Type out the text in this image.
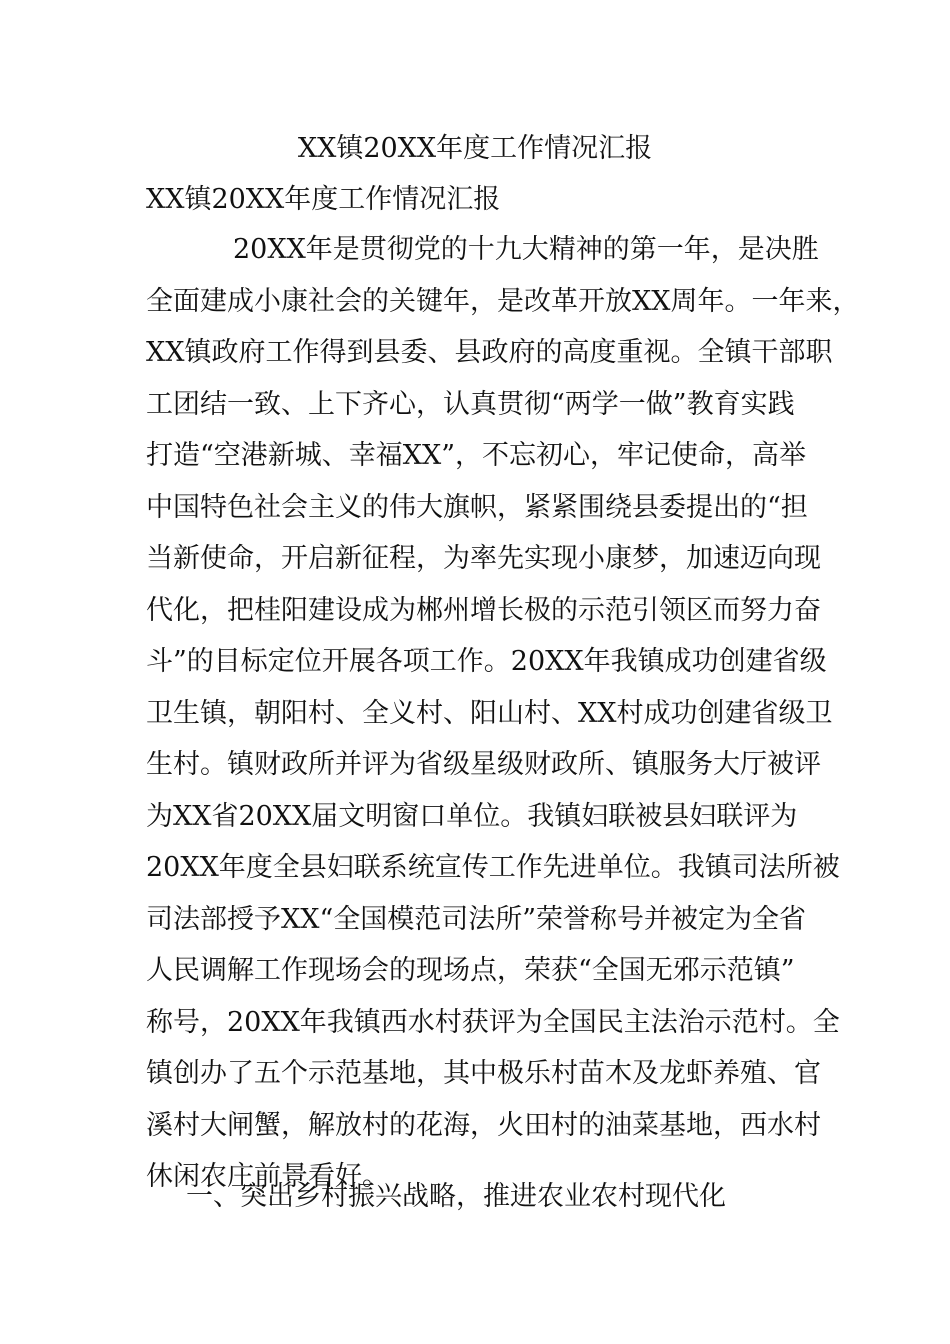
XX镇20XX年度工作情况汇报
XX镇20XX年度工作情况汇报
20XX年是贯彻党的十九大精神的第一年，是决胜
全面建成小康社会的关键年，是改革开放XX周年。一年来，
XX镇政府工作得到县委、县政府的高度重视。全镇干部职
工团结一致、上下齐心，认真贯彻“两学一做”教育实践
打造“空港新城、幸福XX”，不忘初心，牢记使命，高举
中国特色社会主义的伟大旗帜，紧紧围绕县委提出的“担
当新使命，开启新征程，为率先实现小康梦，加速迈向现
代化，把桂阳建设成为郴州增长极的示范引领区而努力奋
斗”的目标定位开展各项工作。20XX年我镇成功创建省级
卫生镇，朝阳村、全义村、阳山村、XX村成功创建省级卫
生村。镇财政所并评为省级星级财政所、镇服务大厅被评
为XX省20XX届文明窗口单位。我镇妇联被县妇联评为
20XX年度全县妇联系统宣传工作先进单位。我镇司法所被
司法部授予XX“全国模范司法所”荣誉称号并被定为全省
人民调解工作现场会的现场点，荣获“全国无邪示范镇”
称号，20XX年我镇西水村获评为全国民主法治示范村。全
镇创办了五个示范基地，其中极乐村苗木及龙虾养殖、官
溪村大闸蟹，解放村的花海，火田村的油菜基地，西水村
休闲农庄前景看好。
一、突出乡村振兴战略，推进农业农村现代化
